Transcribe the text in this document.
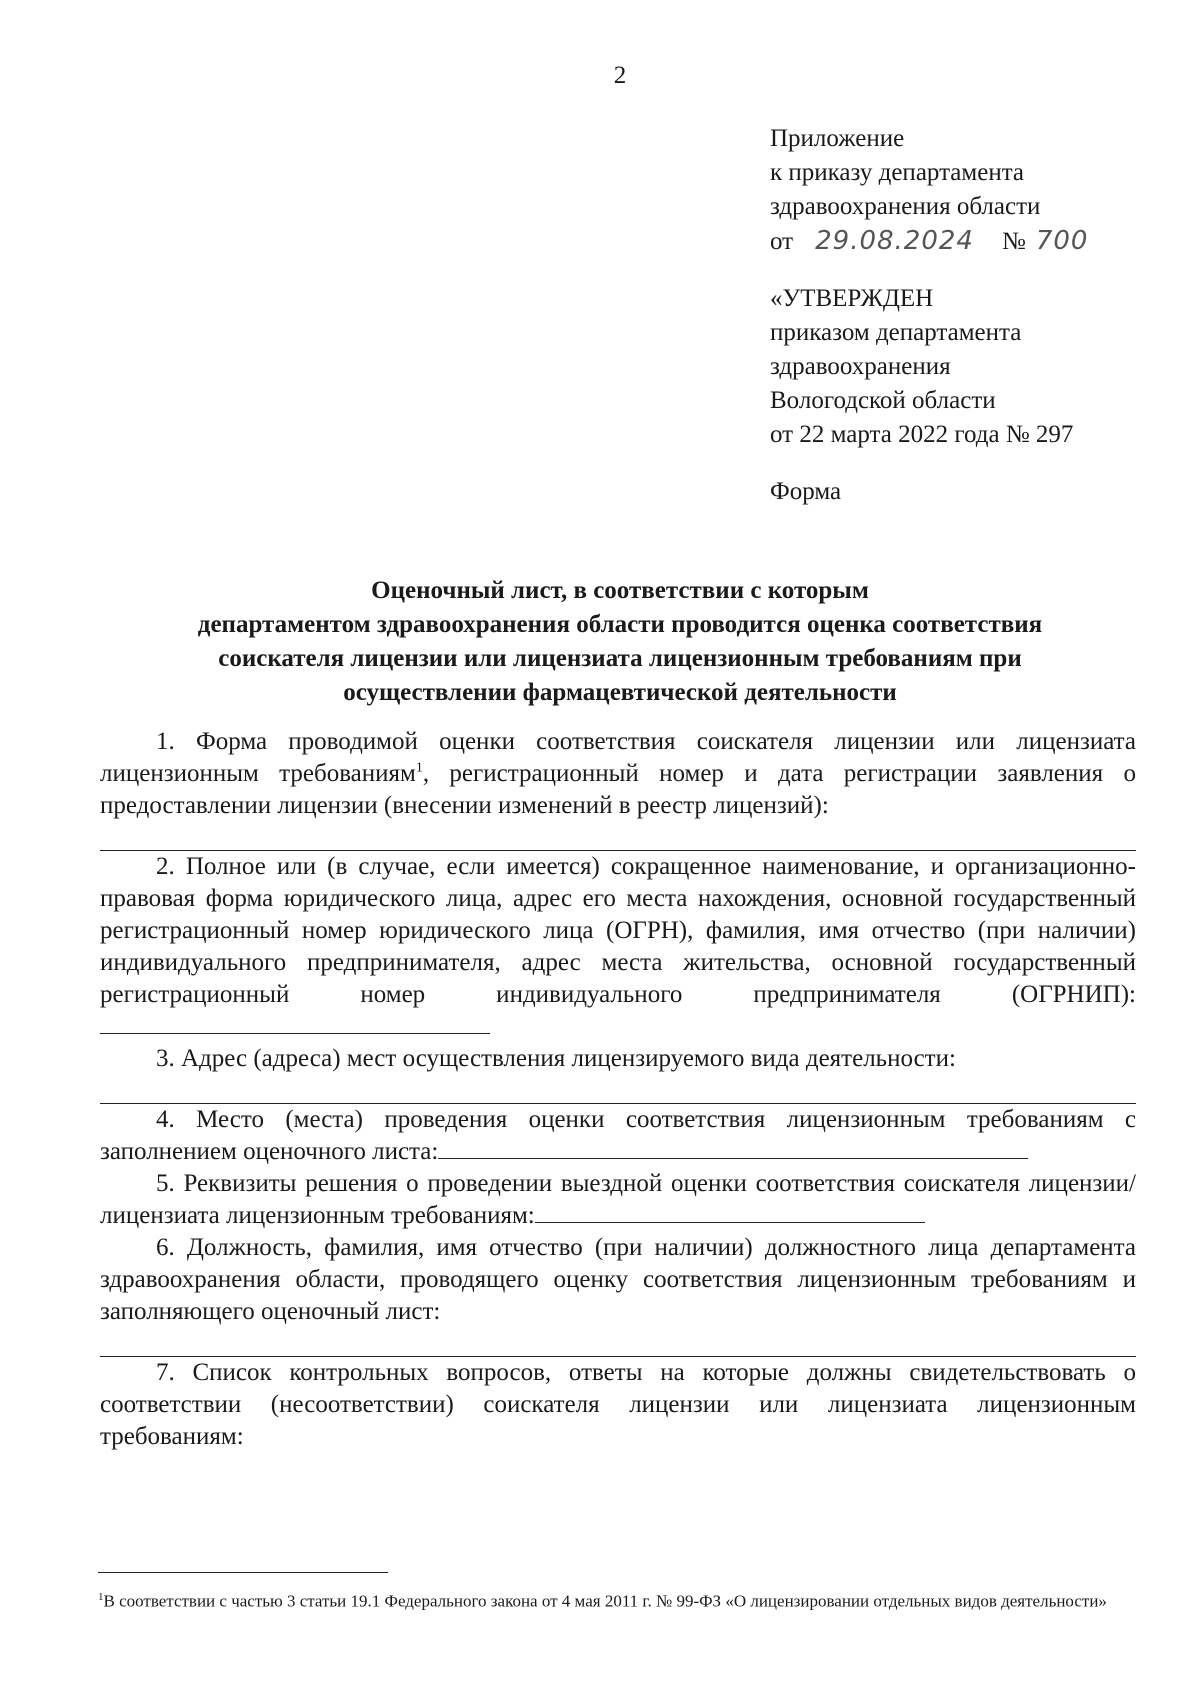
2
Приложение
к приказу департамента
здравоохранения области
от 29.08.2024 № 700
«УТВЕРЖДЕН
приказом департамента
здравоохранения
Вологодской области
от 22 марта 2022 года № 297
Форма
Оценочный лист, в соответствии с которым
департаментом здравоохранения области проводится оценка соответствия
соискателя лицензии или лицензиата лицензионным требованиям при
осуществлении фармацевтической деятельности

1. Форма проводимой оценки соответствия соискателя лицензии или лицензиата лицензионным требованиям$^1$, регистрационный номер и дата регистрации заявления о предоставлении лицензии (внесении изменений в реестр лицензий):

2. Полное или (в случае, если имеется) сокращенное наименование, и организационно-правовая форма юридического лица, адрес его места нахождения, основной государственный регистрационный номер юридического лица (ОГРН), фамилия, имя отчество (при наличии) индивидуального предпринимателя, адрес места жительства, основной государственный регистрационный номер индивидуального предпринимателя (ОГРНИП):

3. Адрес (адреса) мест осуществления лицензируемого вида деятельности:

4. Место (места) проведения оценки соответствия лицензионным требованиям с заполнением оценочного листа:

5. Реквизиты решения о проведении выездной оценки соответствия соискателя лицензии/лицензиата лицензионным требованиям:

6. Должность, фамилия, имя отчество (при наличии) должностного лица департамента здравоохранения области, проводящего оценку соответствия лицензионным требованиям и заполняющего оценочный лист:

7. Список контрольных вопросов, ответы на которые должны свидетельствовать о соответствии (несоответствии) соискателя лицензии или лицензиата лицензионным требованиям:

$^1$В соответствии с частью 3 статьи 19.1 Федерального закона от 4 мая 2011 г. № 99-ФЗ «О лицензировании отдельных видов деятельности»
